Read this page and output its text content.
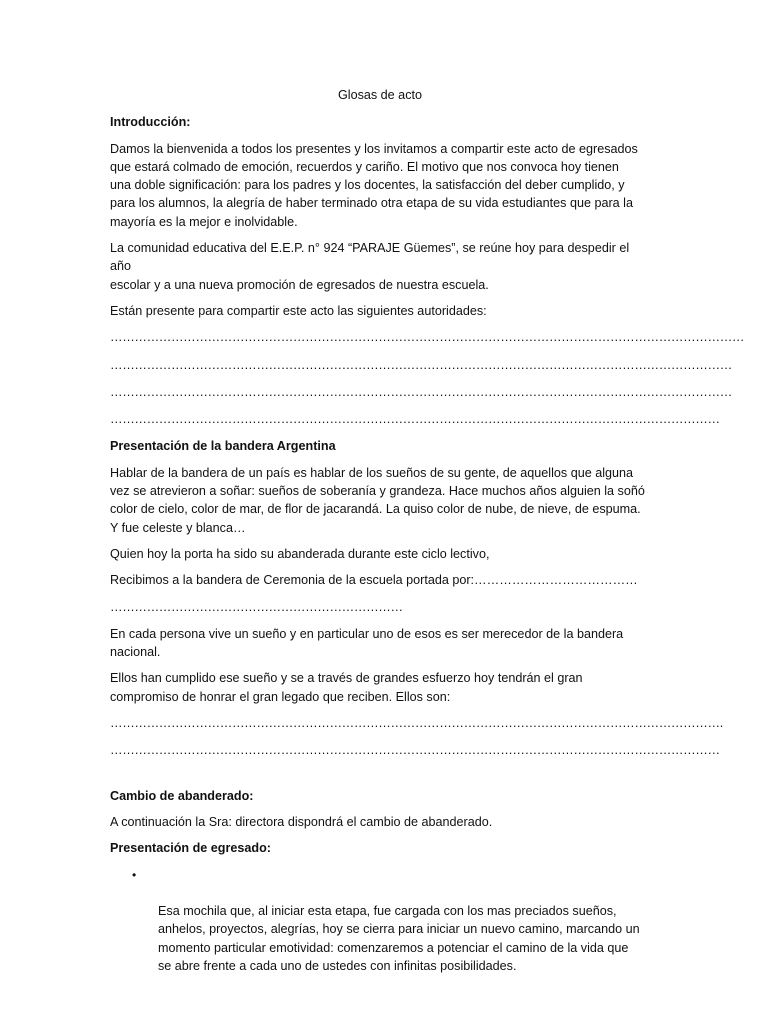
Glosas de acto
Introducción:

Damos la bienvenida a todos los presentes y los invitamos a compartir este acto de egresados
que estará colmado de emoción, recuerdos y cariño. El motivo que nos convoca hoy tienen
una doble significación: para los padres y los docentes, la satisfacción del deber cumplido, y
para los alumnos, la alegría de haber terminado otra etapa de su vida estudiantes que para la
mayoría es la mejor e inolvidable.

La comunidad educativa del E.E.P. n° 924 “PARAJE Güemes”, se reúne hoy para despedir el año
escolar y a una nueva promoción de egresados de nuestra escuela.

Están presente para compartir este acto las siguientes autoridades:

…………………………………………………………………………………………………………………………………………
………………………………………………………………………………………………………………………………………
………………………………………………………………………………………………………………………………………
……………………………………………………………………………………………………………………………………
Presentación de la bandera Argentina

Hablar de la bandera de un país es hablar de los sueños de su gente, de aquellos que alguna
vez se atrevieron a soñar: sueños de soberanía y grandeza. Hace muchos años alguien la soñó
color de cielo, color de mar, de flor de jacarandá. La quiso color de nube, de nieve, de espuma.
Y fue celeste y blanca…

Quien hoy la porta ha sido su abanderada durante este ciclo lectivo,

Recibimos a la bandera de Ceremonia de la escuela portada por:…………………………………

………………………………………………………………

En cada persona vive un sueño y en particular uno de esos es ser merecedor de la bandera
nacional.

Ellos han cumplido ese sueño y se a través de grandes esfuerzo hoy tendrán el gran
compromiso de honrar el gran legado que reciben. Ellos son:

…………………………………………………………………………………………………………………………………….
……………………………………………………………………………………………………………………………………
Cambio de abanderado:

A continuación la Sra: directora dispondrá el cambio de abanderado.

Presentación de egresado:

•

Esa mochila que, al iniciar esta etapa, fue cargada con los mas preciados sueños,
anhelos, proyectos, alegrías, hoy se cierra para iniciar un nuevo camino, marcando un
momento particular emotividad: comenzaremos a potenciar el camino de la vida que
se abre frente a cada uno de ustedes con infinitas posibilidades.
